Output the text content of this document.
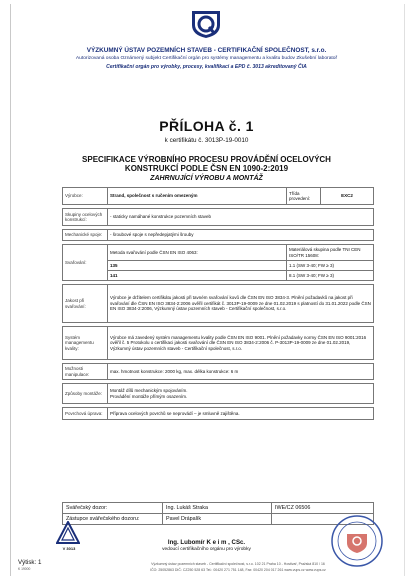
VÝZKUMNÝ ÚSTAV POZEMNÍCH STAVEB - CERTIFIKAČNÍ SPOLEČNOST, s.r.o.
Autorizovaná osoba Oznámený subjekt Certifikační orgán pro systémy managementu a kvalitu budov Zkušební laboratoř
Certifikační orgán pro výrobky, procesy, kvalifikaci a EPD č. 3013 akreditovaný ČIA
PŘÍLOHA č. 1
k certifikátu č. 3013P-19-0010
SPECIFIKACE VÝROBNÍHO PROCESU PROVÁDĚNÍ OCELOVÝCH
KONSTRUKCÍ PODLE ČSN EN 1090-2:2019
ZAHRNUJÍCÍ VÝROBU A MONTÁŽ
Výrobce:	Strand, společnost s ručením omezeným	Třída provedení:	EXC2

Skupiny ocelových konstrukcí:	- staticky namáhané konstrukce pozemních staveb		

Mechanické spoje:	- šroubové spoje s nepředepjatými šrouby		

Svařování:	Metoda svařování podle ČSN EN ISO 4063:	Materiálová skupina podle TNI CEN ISO/TR 15608:	
	135	1.1 (SW 3-40; FW ≥ 3)	
	141	8.1 (SW 3-40; FW ≥ 3)	

Jakost při svařování:	Výrobce je držitelem certifikátu jakosti při tavném svařování kovů dle ČSN EN ISO 3834-3. Plnění požadavků na jakost při svařování dle ČSN EN ISO 3834-2:2006 ověřil certifikát č. 3013P-19-0009 ze dne 01.02.2019 s platností do 31.01.2022 podle ČSN EN ISO 3834-2:2006, Výzkumný ústav pozemních staveb - Certifikační společnost, s.r.o.		

Systém managementu kvality:	Výrobce má zavedený systém managementu kvality podle ČSN EN ISO 9001. Plnění požadavky normy ČSN EN ISO 9001:2016 ověřil č. 5 Protokolu o certifikaci jakosti svařování dle ČSN EN ISO 3834-2:2006 č. P-3013P-19-0009 ze dne 01.02.2019, Výzkumný ústav pozemních staveb - Certifikační společnost, s.r.o.		

Možnosti manipulace:	max. hmotnost konstrukce: 2000 kg, max. délka konstrukce: 6 m		

Způsoby montáže:	Montáž dílů mechanickým spojováním.
Provádění montáže přímým osazením.		

Povrchová úprava:	Příprava ocelových povrchů se neprovádí – je smluvně zajištěna.		
Svářečský dozor:	Ing. Lukáš Straka	IWE/CZ 06506
Zástupce svářečského dozoru:	Pavel Drápalík	
V 3013
Ing. Lubomír K e i m , CSc.
vedoucí certifikačního orgánu pro výrobky
Výtisk: 1
K 19000
Výzkumný ústav pozemních staveb - Certifikační společnost, s.r.o. 102 21 Praha 10 - Hostivař, Pražská 810 / 16
IČO: 25052863 DIČ: CZ250 528 63 Tel.: 00420 271 751 148, Fax: 00420 204 017 261 www.vups.cz www.vups.cz
